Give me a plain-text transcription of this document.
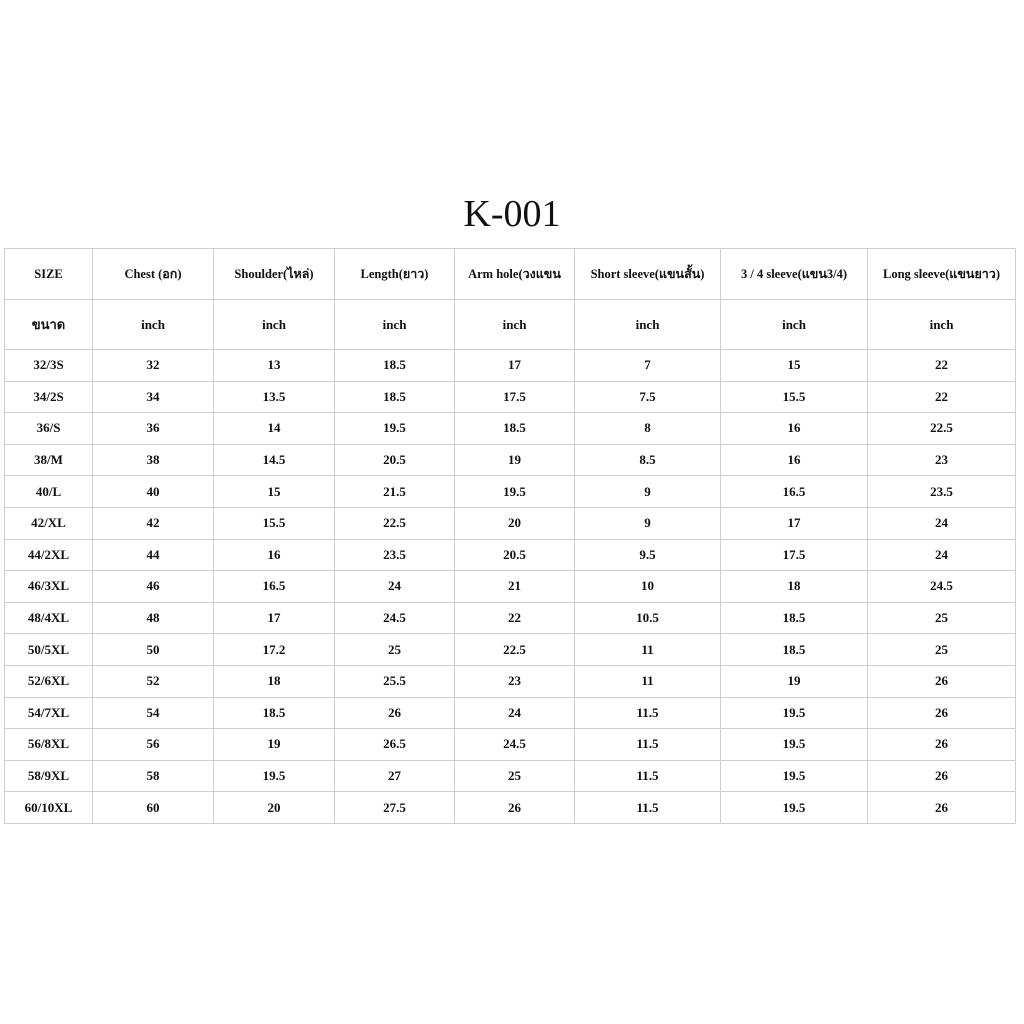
K-001
SIZE	Chest (อก)	Shoulder(ไหล่)	Length(ยาว)	Arm hole(วงแขน	Short sleeve(แขนสั้น)	3 / 4 sleeve(แขน3/4)	Long sleeve(แขนยาว)
ขนาด	inch	inch	inch	inch	inch	inch	inch
32/3S	32	13	18.5	17	7	15	22
34/2S	34	13.5	18.5	17.5	7.5	15.5	22
36/S	36	14	19.5	18.5	8	16	22.5
38/M	38	14.5	20.5	19	8.5	16	23
40/L	40	15	21.5	19.5	9	16.5	23.5
42/XL	42	15.5	22.5	20	9	17	24
44/2XL	44	16	23.5	20.5	9.5	17.5	24
46/3XL	46	16.5	24	21	10	18	24.5
48/4XL	48	17	24.5	22	10.5	18.5	25
50/5XL	50	17.2	25	22.5	11	18.5	25
52/6XL	52	18	25.5	23	11	19	26
54/7XL	54	18.5	26	24	11.5	19.5	26
56/8XL	56	19	26.5	24.5	11.5	19.5	26
58/9XL	58	19.5	27	25	11.5	19.5	26
60/10XL	60	20	27.5	26	11.5	19.5	26
